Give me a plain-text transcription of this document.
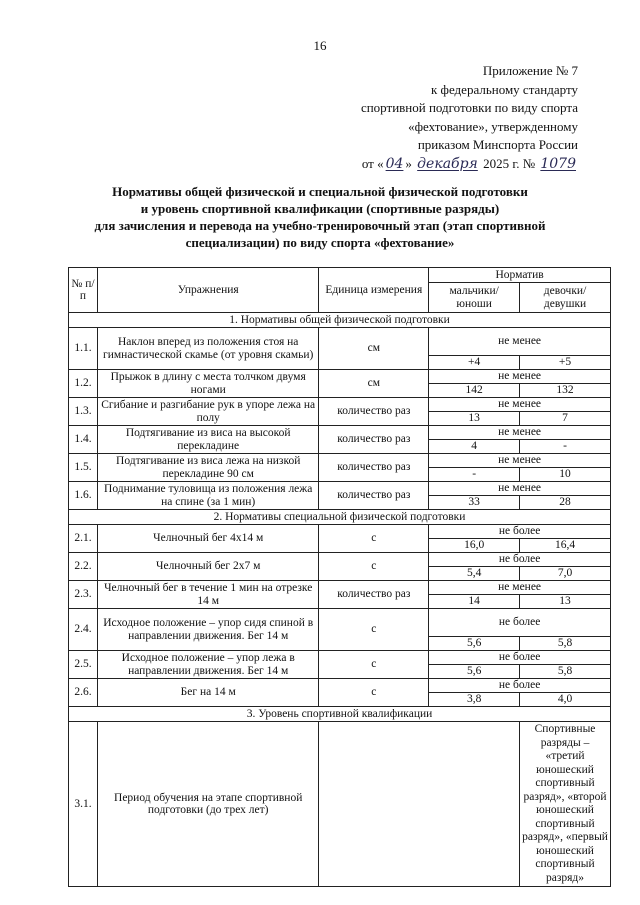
16
Приложение № 7
к федеральному стандарту
спортивной подготовки по виду спорта
«фехтование», утвержденному
приказом Минспорта России
от « 04 » декабря 2025 г. № 1079
Нормативы общей физической и специальной физической подготовки
и уровень спортивной квалификации (спортивные разряды)
для зачисления и перевода на учебно-тренировочный этап (этап спортивной
специализации) по виду спорта «фехтование»
№ п/п	Упражнения	Единица измерения	Норматив	
			мальчики/ юноши	девочки/ девушки
1. Нормативы общей физической подготовки				
1.1.	Наклон вперед из положения стоя на гимнастической скамье (от уровня скамьи)	см	не менее	
			+4	+5
1.2.	Прыжок в длину с места толчком двумя ногами	см	не менее	
			142	132
1.3.	Сгибание и разгибание рук в упоре лежа на полу	количество раз	не менее	
			13	7
1.4.	Подтягивание из виса на высокой перекладине	количество раз	не менее	
			4	-
1.5.	Подтягивание из виса лежа на низкой перекладине 90 см	количество раз	не менее	
			-	10
1.6.	Поднимание туловища из положения лежа на спине (за 1 мин)	количество раз	не менее	
			33	28
2. Нормативы специальной физической подготовки				
2.1.	Челночный бег 4х14 м	с	не более	
			16,0	16,4
2.2.	Челночный бег 2х7 м	с	не более	
			5,4	7,0
2.3.	Челночный бег в течение 1 мин на отрезке 14 м	количество раз	не менее	
			14	13
2.4.	Исходное положение – упор сидя спиной в направлении движения. Бег 14 м	с	не более	
			5,6	5,8
2.5.	Исходное положение – упор лежа в направлении движения. Бег 14 м	с	не более	
			5,6	5,8
2.6.	Бег на 14 м	с	не более	
			3,8	4,0
3. Уровень спортивной квалификации				
3.1.	Период обучения на этапе спортивной подготовки (до трех лет)			Спортивные разряды – «третий юношеский спортивный разряд», «второй юношеский спортивный разряд», «первый юношеский спортивный разряд»
